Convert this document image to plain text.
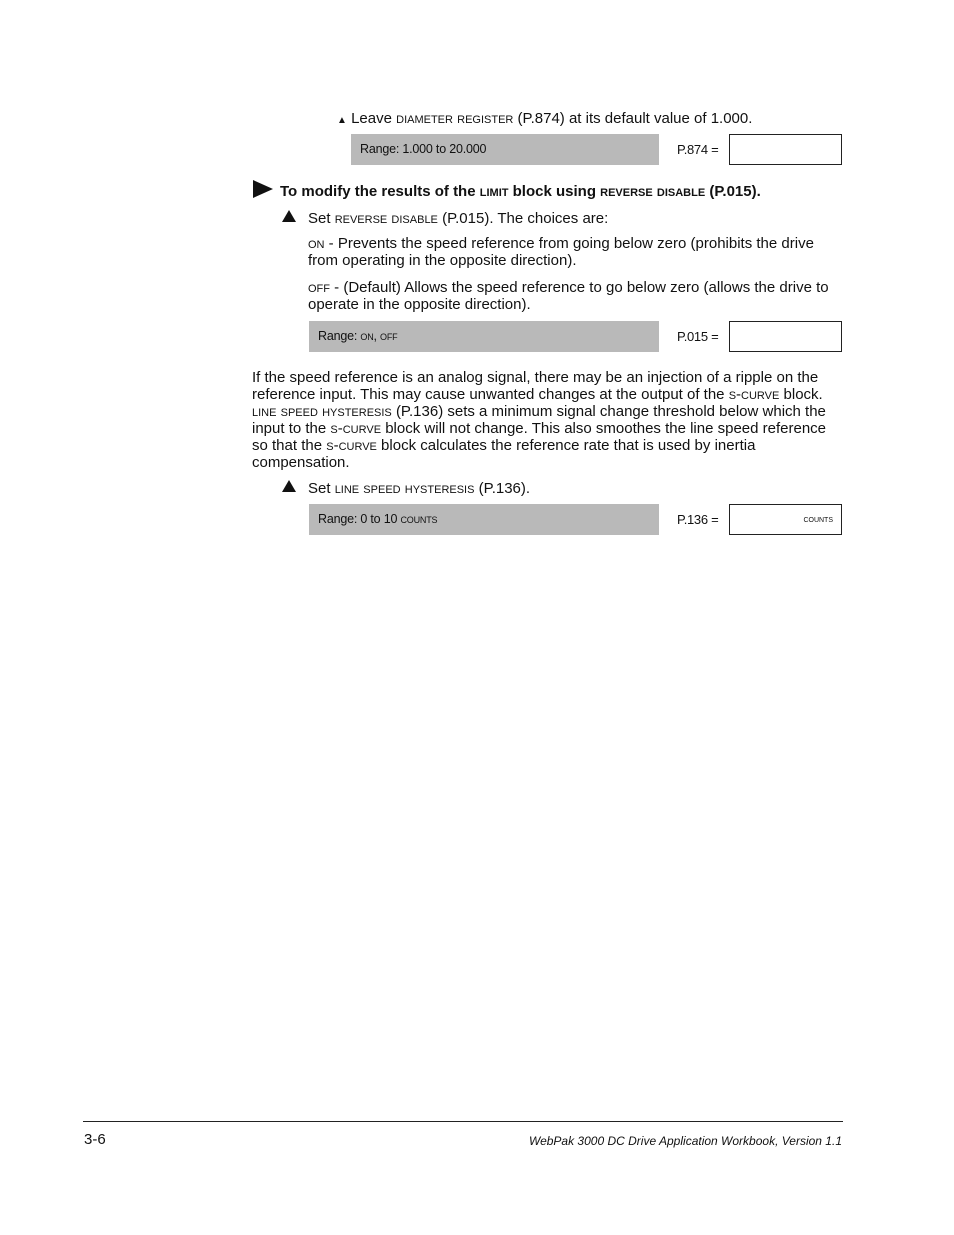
▲ Leave diameter register (P.874) at its default value of 1.000.
Range: 1.000 to 20.000	P.874 =
To modify the results of the limit block using reverse disable (P.015).
Set reverse disable (P.015). The choices are:
on - Prevents the speed reference from going below zero (prohibits the drive from operating in the opposite direction).
off - (Default) Allows the speed reference to go below zero (allows the drive to operate in the opposite direction).
Range: on, off	P.015 =
If the speed reference is an analog signal, there may be an injection of a ripple on the reference input. This may cause unwanted changes at the output of the s-curve block. line speed hysteresis (P.136) sets a minimum signal change threshold below which the input to the s-curve block will not change. This also smoothes the line speed reference so that the s-curve block calculates the reference rate that is used by inertia compensation.
Set line speed hysteresis (P.136).
Range: 0 to 10 counts	P.136 =	counts
3-6	WebPak 3000 DC Drive Application Workbook, Version 1.1
